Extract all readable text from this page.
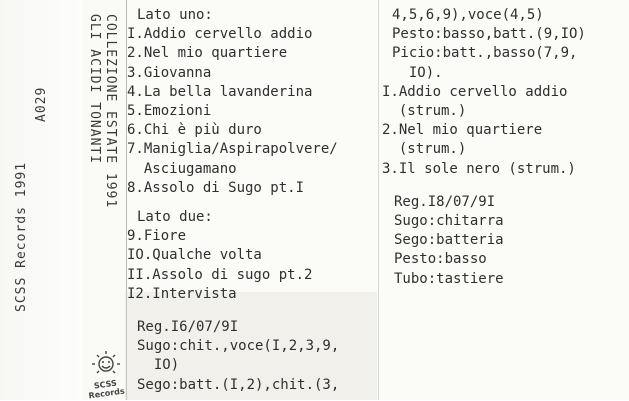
A029
SCSS Records 1991
GLI ACIDI TONANTI COLLEZIONE ESTATE 1991
SCSS Records
Lato uno:
I.Addio cervello addio
2.Nel mio quartiere
3.Giovanna
4.La bella lavanderina
5.Emozioni
6.Chi è più duro
7.Maniglia/Aspirapolvere/
Asciugamano
8.Assolo di Sugo pt.I
Lato due:
9.Fiore
IO.Qualche volta
II.Assolo di sugo pt.2
I2.Intervista
Reg.I6/07/9I
Sugo:chit.,voce(I,2,3,9,
IO)
Sego:batt.(I,2),chit.(3,
4,5,6,9),voce(4,5)
Pesto:basso,batt.(9,IO)
Picio:batt.,basso(7,9,
IO).
I.Addio cervello addio
(strum.)
2.Nel mio quartiere
(strum.)
3.Il sole nero (strum.)
Reg.I8/07/9I
Sugo:chitarra
Sego:batteria
Pesto:basso
Tubo:tastiere
